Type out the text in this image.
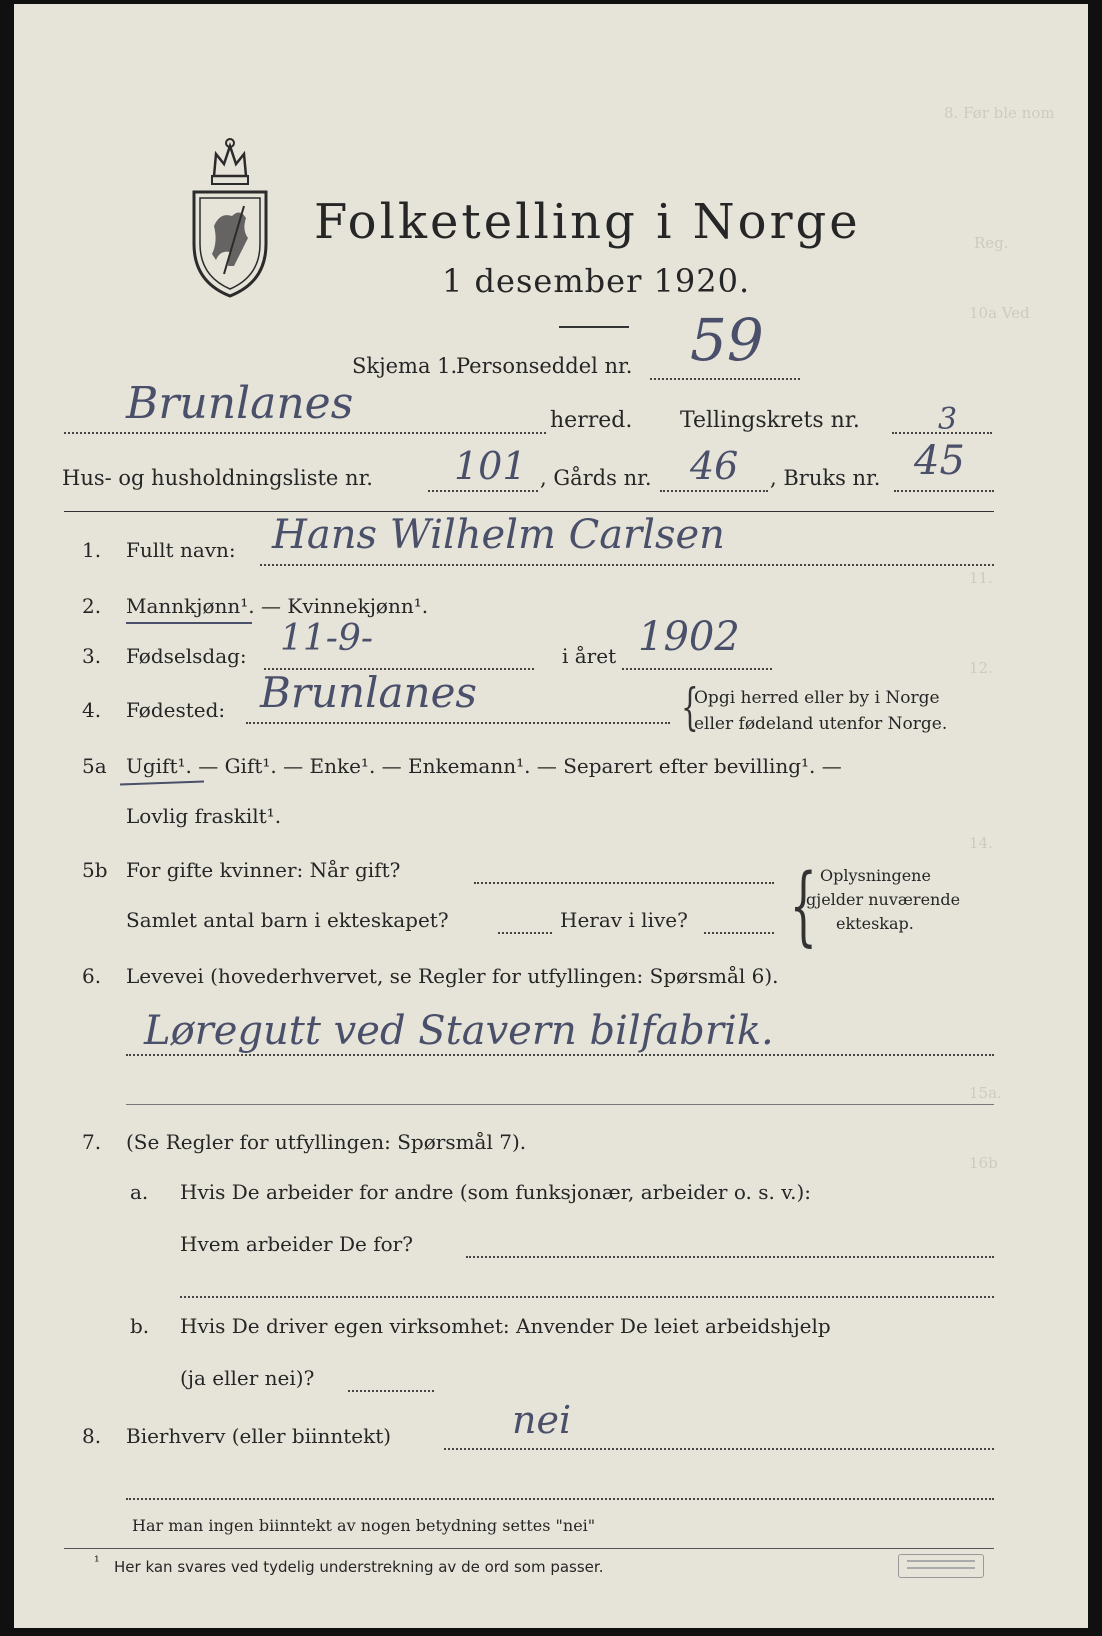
8. Før ble nom
Reg.
10a Ved
11.
12.
14.
15a.
16b
Folketelling i Norge
1 desember 1920.
Skjema 1.
Personseddel nr. 59
Brunlanes	herred. Tellingskrets nr.	3
Hus- og husholdningsliste nr. 101 , Gårds nr. 46 , Bruks nr. 45
1. Fullt navn: Hans Wilhelm Carlsen
2. Mannkjønn¹. — Kvinnekjønn¹.
3. Fødselsdag: 11-9-	i året 1902
4. Fødested: Brunlanes	{
Opgi herred eller by i Norge
eller fødeland utenfor Norge.
5a Ugift¹. — Gift¹. — Enke¹. — Enkemann¹. — Separert efter bevilling¹. —
Lovlig fraskilt¹.
5b For gifte kvinner: Når gift?
Samlet antal barn i ekteskapet?	Herav i live? { Oplysningene
gjelder nuværende
ekteskap.
6. Levevei (hovederhvervet, se Regler for utfyllingen: Spørsmål 6).
Løregutt ved Stavern bilfabrik.
7. (Se Regler for utfyllingen: Spørsmål 7).
a. Hvis De arbeider for andre (som funksjonær, arbeider o. s. v.):
Hvem arbeider De for?
b. Hvis De driver egen virksomhet: Anvender De leiet arbeidshjelp
(ja eller nei)?
8. Bierhverv (eller biinntekt)	nei
Har man ingen biinntekt av nogen betydning settes "nei"
¹ Her kan svares ved tydelig understrekning av de ord som passer.
